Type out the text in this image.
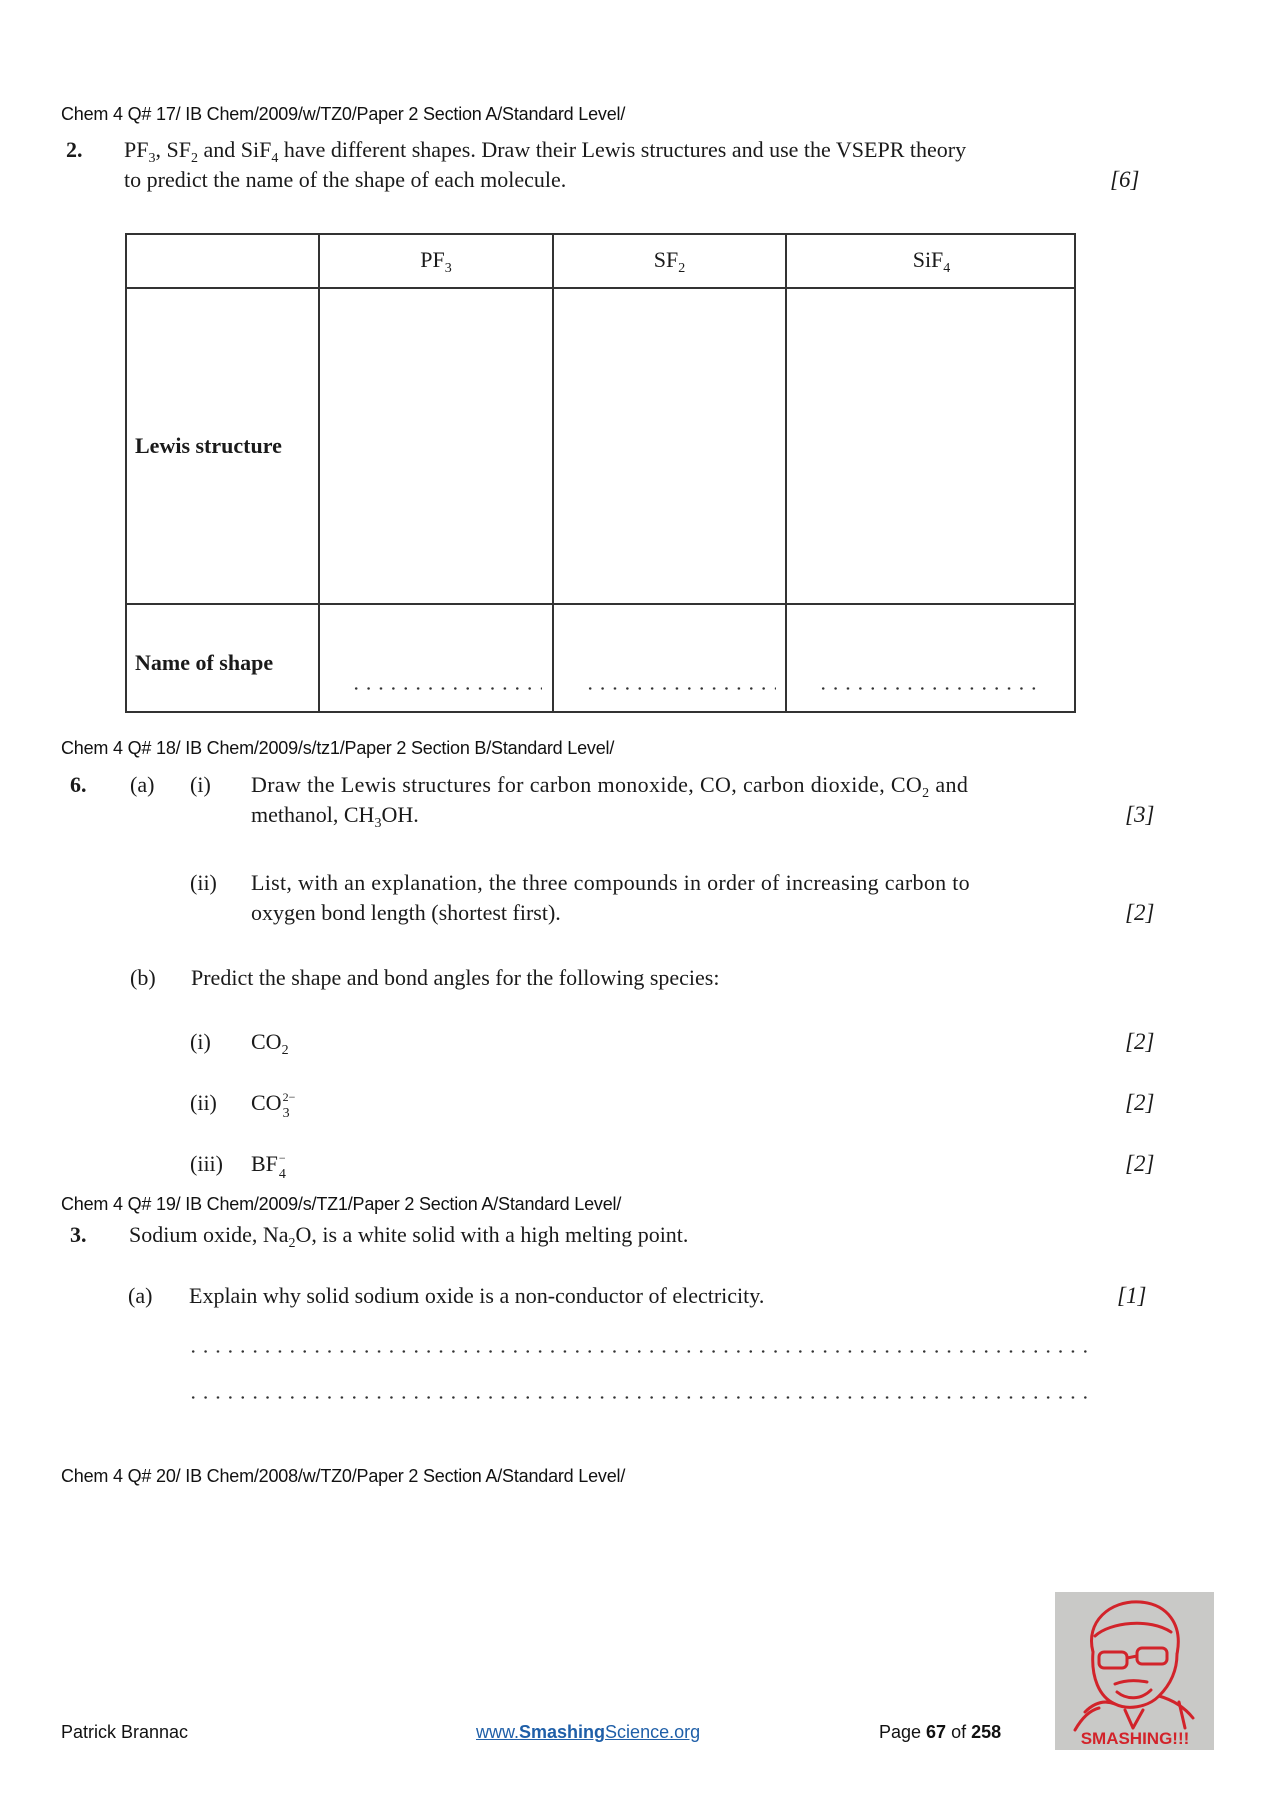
Chem 4 Q# 17/ IB Chem/2009/w/TZ0/Paper 2 Section A/Standard Level/
2. $PF_3$, $SF_2$ and SiF$_4$ have different shapes. Draw their Lewis structures and use the VSEPR theory
to predict the name of the shape of each molecule.	[6]
$PF_3$	$SF_2$	SiF$_4$
Lewis structure
Name of shape
Chem 4 Q# 18/ IB Chem/2009/s/tz1/Paper 2 Section B/Standard Level/
6. (a) (i) Draw the Lewis structures for carbon monoxide, CO, carbon dioxide, $CO_2$ and
methanol, $CH_3OH$.	[3]
(ii) List, with an explanation, the three compounds in order of increasing carbon to
oxygen bond length (shortest first).	[2]
(b) Predict the shape and bond angles for the following species:
(i) $CO_2$	[2]
(ii) CO 2−
3	[2]
(iii) BF −
4	[2]
Chem 4 Q# 19/ IB Chem/2009/s/TZ1/Paper 2 Section A/Standard Level/
3. Sodium oxide, $Na_2O$, is a white solid with a high melting point.
(a) Explain why solid sodium oxide is a non-conductor of electricity.	[1]
Chem 4 Q# 20/ IB Chem/2008/w/TZ0/Paper 2 Section A/Standard Level/
Patrick Brannac	www.SmashingScience.org	Page 67 of 258	SMASHING!!!
